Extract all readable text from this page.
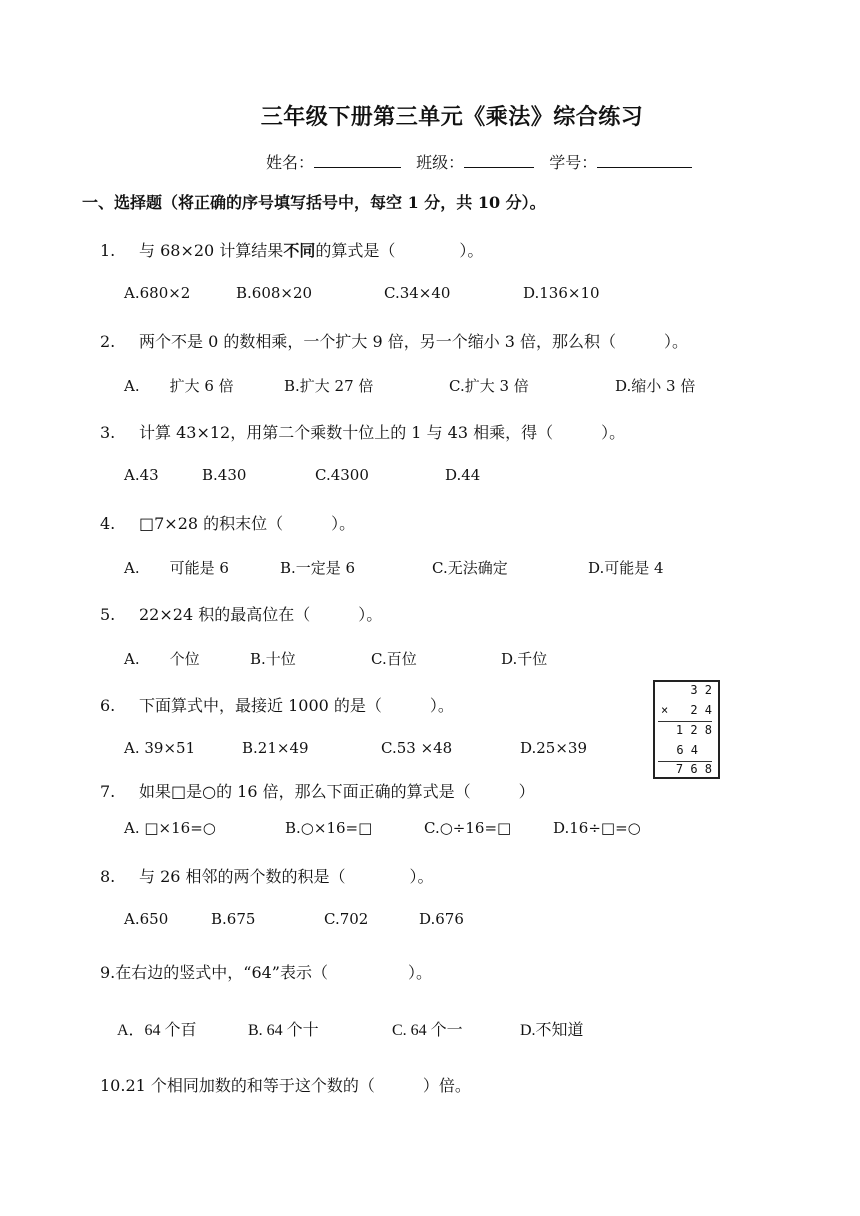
三年级下册第三单元《乘法》综合练习
姓名：	班级：	学号：
一、选择题（将正确的序号填写括号中，每空 1 分，共 10 分）。
1. 与 68×20 计算结果不同的算式是（　　　　）。
A.680×2	B.608×20	C.34×40	D.136×10
2. 两个不是 0 的数相乘，一个扩大 9 倍，另一个缩小 3 倍，那么积（　　　）。
A.　　扩大 6 倍	B.扩大 27 倍	C.扩大 3 倍	D.缩小 3 倍
3. 计算 43×12，用第二个乘数十位上的 1 与 43 相乘，得（　　　）。
A.43	B.430	C.4300	D.44
4. □7×28 的积末位（　　　）。
A.　　可能是 6	B.一定是 6	C.无法确定	D.可能是 4
5. 22×24 积的最高位在（　　　）。
A.　　个位	B.十位	C.百位	D.千位
6. 下面算式中，最接近 1000 的是（　　　）。
A. 39×51	B.21×49	C.53 ×48	D.25×39
3 2
× 2 4
1 2 8
6 4
7 6 8
7. 如果□是○的 16 倍，那么下面正确的算式是（　　　）
A. □×16=○	B.○×16=□	C.○÷16=□	D.16÷□=○
8. 与 26 相邻的两个数的积是（　　　　）。
A.650	B.675	C.702	D.676
9.在右边的竖式中，“64”表示（　　　　　）。
A．64 个百	B. 64 个十	C. 64 个一	D.不知道
10.21 个相同加数的和等于这个数的（　　　）倍。
